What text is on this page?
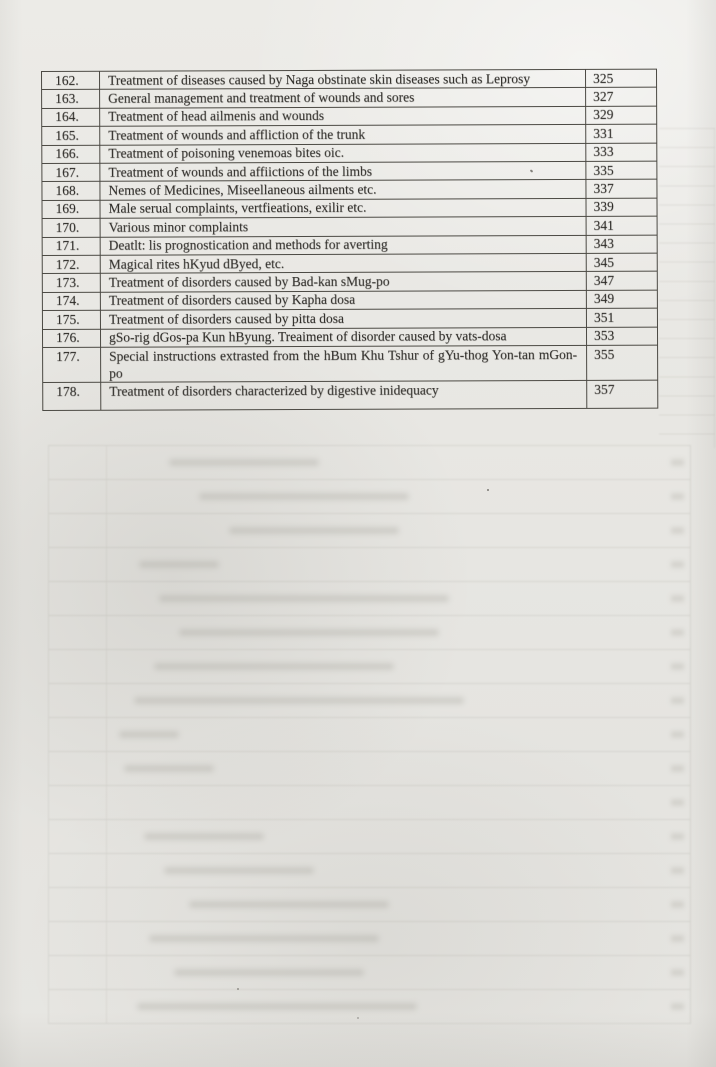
162.	Treatment of diseases caused by Naga obstinate skin diseases such as Leprosy	325
163.	General management and treatment of wounds and sores	327
164.	Treatment of head ailmenis and wounds	329
165.	Treatment of wounds and affliction of the trunk	331
166.	Treatment of poisoning venemoas bites oic.	333
167.	Treatment of wounds and affiictions of the limbs	335
168.	Nemes of Medicines, Miseellaneous ailments etc.	337
169.	Male serual complaints, vertfieations, exilir etc.	339
170.	Various minor complaints	341
171.	Deatlt: lis prognostication and methods for averting	343
172.	Magical rites hKyud dByed, etc.	345
173.	Treatment of disorders caused by Bad-kan sMug-po	347
174.	Treatment of disorders caused by Kapha dosa	349
175.	Treatment of disorders caused by pitta dosa	351
176.	gSo-rig dGos-pa Kun hByung. Treaiment of disorder caused by vats-dosa	353
177.	Special instructions extrasted from the hBum Khu Tshur of gYu-thog Yon-tan mGon-po	355
178.	Treatment of disorders characterized by digestive inidequacy	357
